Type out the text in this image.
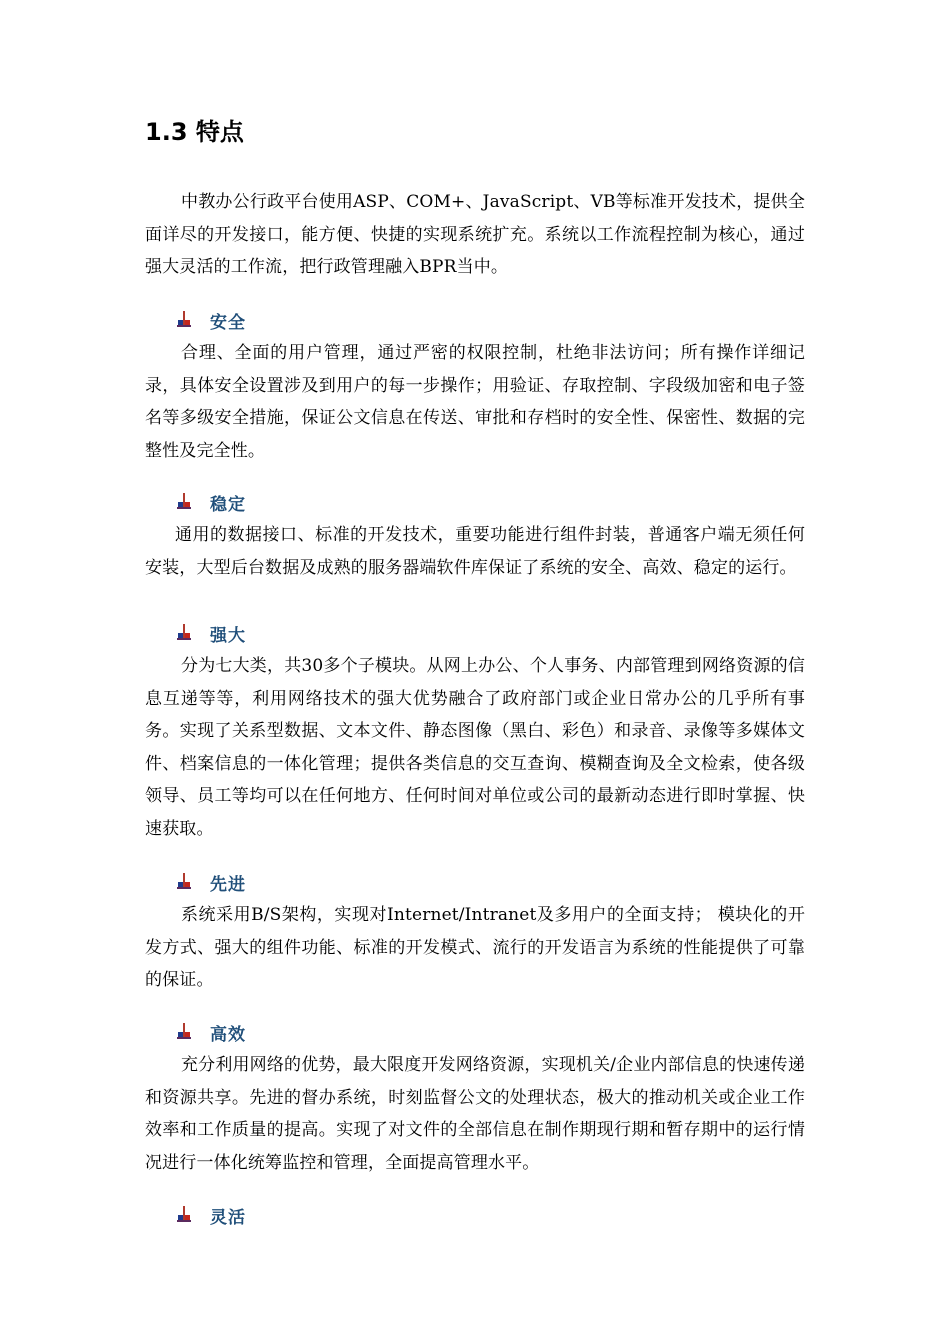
1.3 特点

中教办公行政平台使用ASP、COM+、JavaScript、VB等标准开发技术，提供全面详尽的开发接口，能方便、快捷的实现系统扩充。系统以工作流程控制为核心，通过强大灵活的工作流，把行政管理融入BPR当中。

安全

合理、全面的用户管理，通过严密的权限控制，杜绝非法访问；所有操作详细记录，具体安全设置涉及到用户的每一步操作；用验证、存取控制、字段级加密和电子签名等多级安全措施，保证公文信息在传送、审批和存档时的安全性、保密性、数据的完整性及完全性。

稳定

通用的数据接口、标准的开发技术，重要功能进行组件封装，普通客户端无须任何安装，大型后台数据及成熟的服务器端软件库保证了系统的安全、高效、稳定的运行。

强大

分为七大类，共30多个子模块。从网上办公、个人事务、内部管理到网络资源的信息互递等等，利用网络技术的强大优势融合了政府部门或企业日常办公的几乎所有事务。实现了关系型数据、文本文件、静态图像（黑白、彩色）和录音、录像等多媒体文件、档案信息的一体化管理；提供各类信息的交互查询、模糊查询及全文检索，使各级领导、员工等均可以在任何地方、任何时间对单位或公司的最新动态进行即时掌握、快速获取。

先进

系统采用B/S架构，实现对Internet/Intranet及多用户的全面支持； 模块化的开发方式、强大的组件功能、标准的开发模式、流行的开发语言为系统的性能提供了可靠的保证。

高效

充分利用网络的优势，最大限度开发网络资源，实现机关/企业内部信息的快速传递和资源共享。先进的督办系统，时刻监督公文的处理状态，极大的推动机关或企业工作效率和工作质量的提高。实现了对文件的全部信息在制作期现行期和暂存期中的运行情况进行一体化统筹监控和管理，全面提高管理水平。

灵活
